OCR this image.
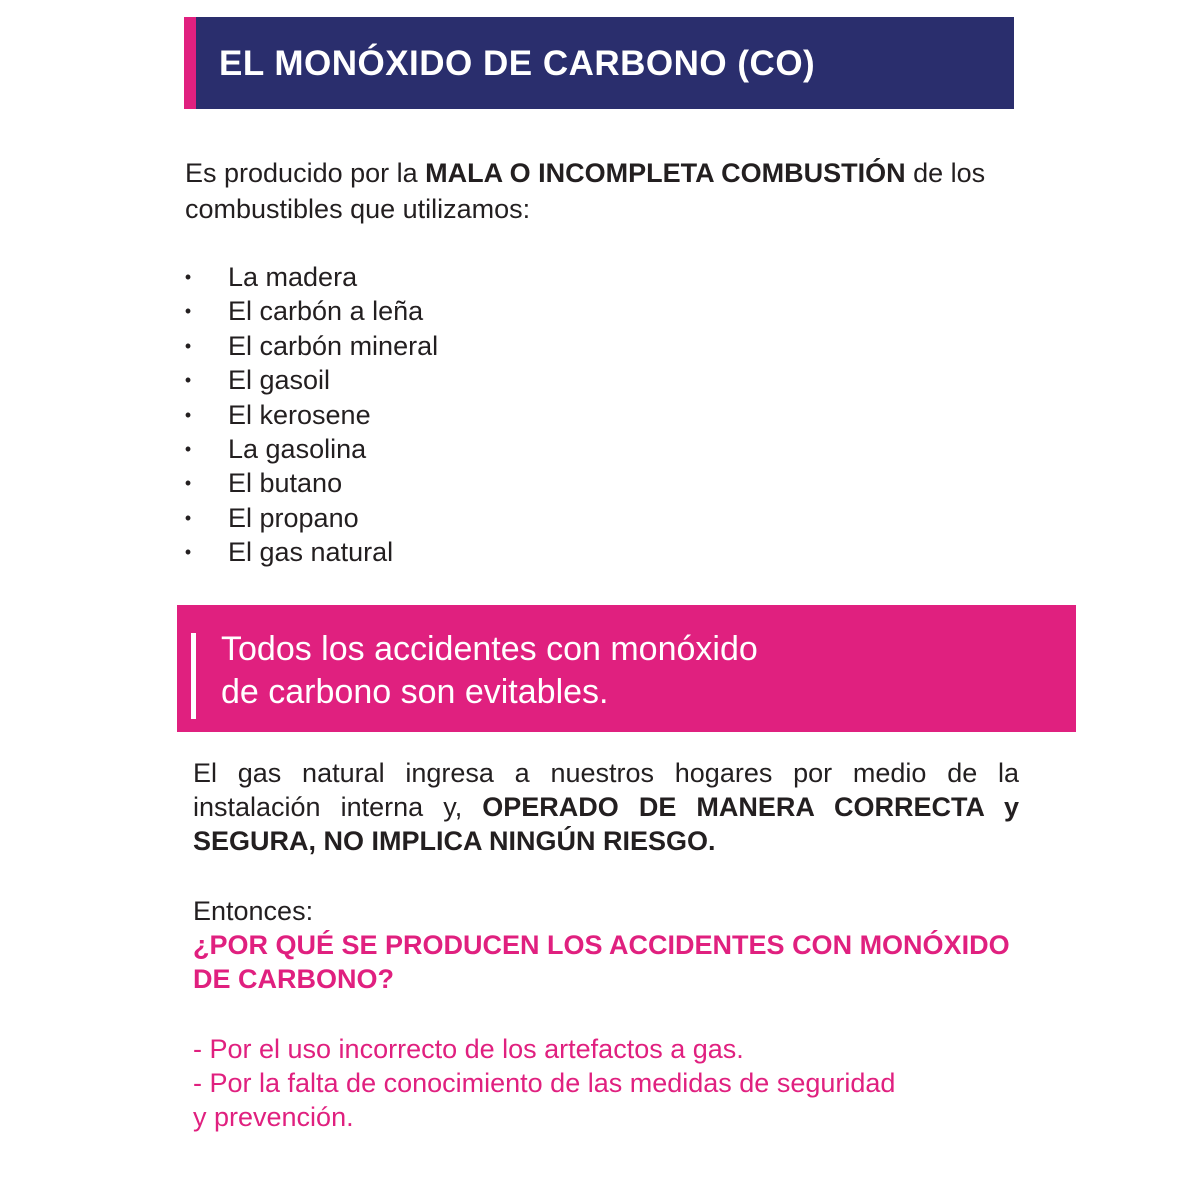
EL MONÓXIDO DE CARBONO (CO)
Es producido por la MALA O INCOMPLETA COMBUSTIÓN de los
combustibles que utilizamos:
• La madera
• El carbón a leña
• El carbón mineral
• El gasoil
• El kerosene
• La gasolina
• El butano
• El propano
• El gas natural
Todos los accidentes con monóxido
de carbono son evitables.
El gas natural ingresa a nuestros hogares por medio de la instalación interna y, OPERADO DE MANERA CORRECTA y SEGURA, NO IMPLICA NINGÚN RIESGO.
Entonces:
¿POR QUÉ SE PRODUCEN LOS ACCIDENTES CON MONÓXIDO DE CARBONO?
- Por el uso incorrecto de los artefactos a gas.
- Por la falta de conocimiento de las medidas de seguridad
y prevención.
